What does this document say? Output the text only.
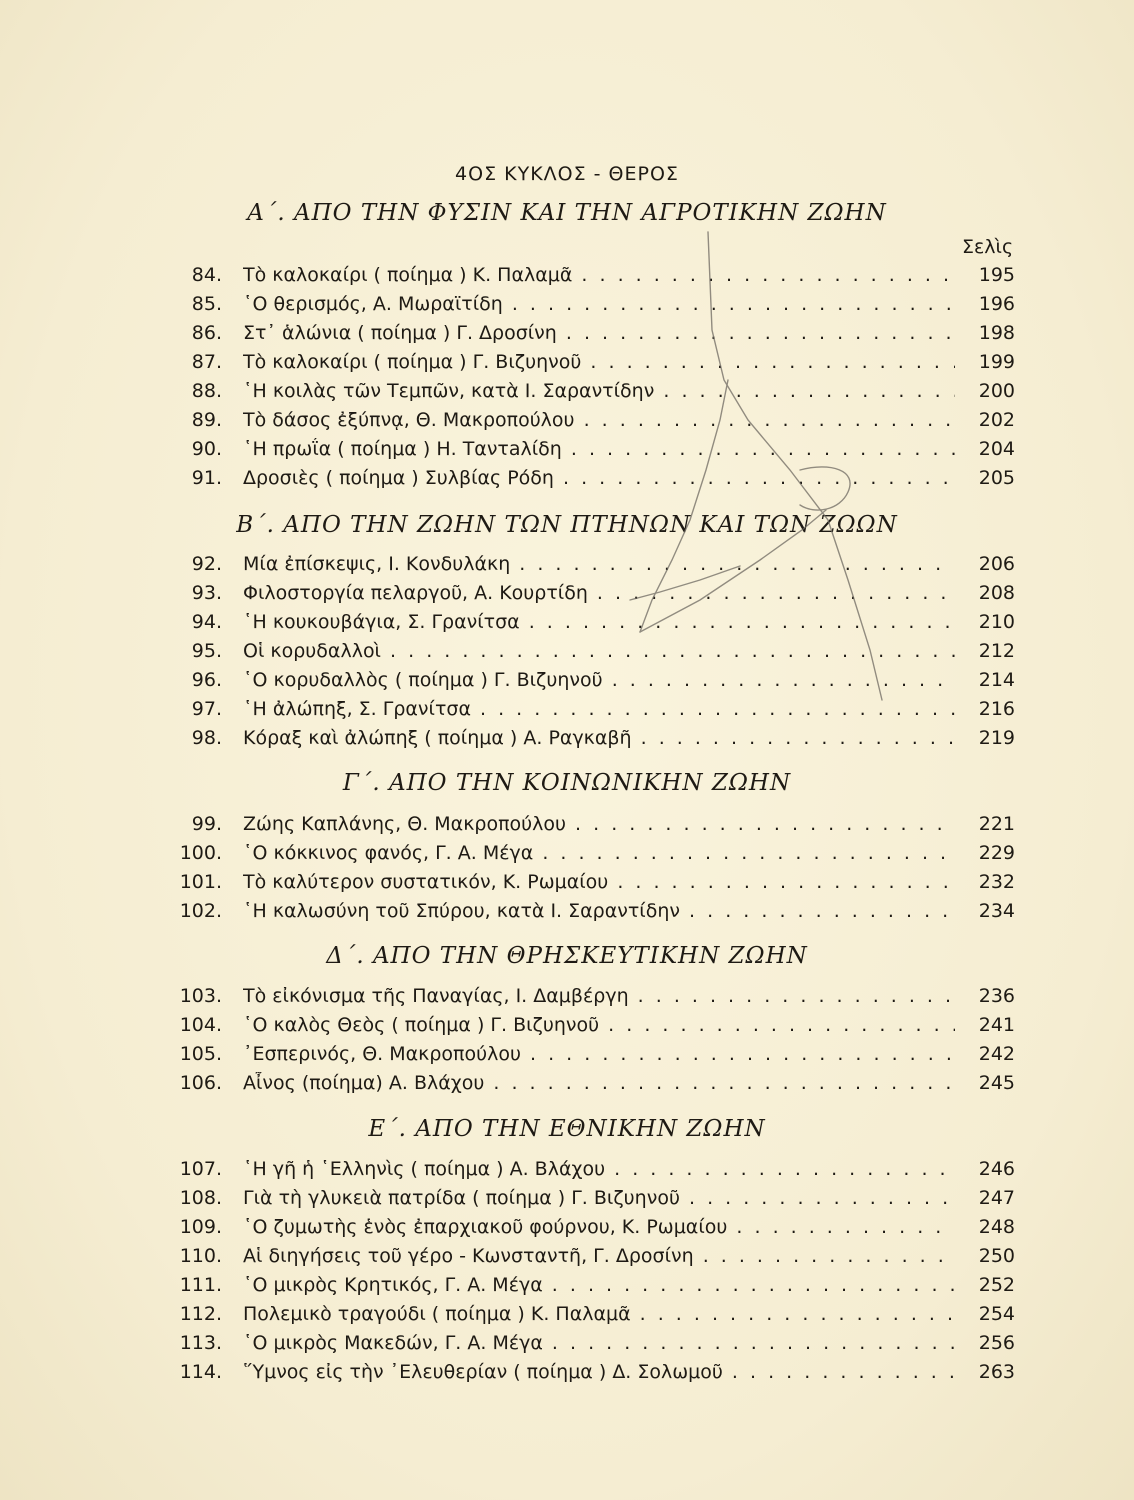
4ΟΣ ΚΥΚΛΟΣ - ΘΕΡΟΣ
Σελὶς
Α΄. ΑΠΟ ΤΗΝ ΦΥΣΙΝ ΚΑΙ ΤΗΝ ΑΓΡΟΤΙΚΗΝ ΖΩΗΝ
84. Τὸ καλοκαίρι ( ποίημα ) Κ. Παλαμᾶ . . .	195
85. ῾Ο θερισμός, Α. Μωραϊτίδη . . .	196
86. Στ᾿ ἁλώνια ( ποίημα ) Γ. Δροσίνη . . .	198
87. Τὸ καλοκαίρι ( ποίημα ) Γ. Βιζυηνοῦ . . .	199
88. ῾Η κοιλὰς τῶν Τεμπῶν, κατὰ Ι. Σαραντίδην . . .	200
89. Τὸ δάσος ἐξύπνᾳ, Θ. Μακροπούλου . . .	202
90. ῾Η πρωΐα ( ποίημα ) Η. Ταντaλίδη . . .	204
91. Δροσιὲς ( ποίημα ) Συλβίας Ρόδη . . .	205
Β΄. ΑΠΟ ΤΗΝ ΖΩΗΝ ΤΩΝ ΠΤΗΝΩΝ ΚΑΙ ΤΩΝ ΖΩΩΝ
92. Μία ἐπίσκεψις, Ι. Κονδυλάκη . . .	206
93. Φιλοστοργία πελαργοῦ, Α. Κουρτίδη . . .	208
94. ῾Η κουκουβάγια, Σ. Γρανίτσα . . .	210
95. Οἱ κορυδαλλοὶ . . .	212
96. ῾Ο κορυδαλλὸς ( ποίημα ) Γ. Βιζυηνοῦ . . .	214
97. ῾Η ἀλώπηξ, Σ. Γρανίτσα . . .	216
98. Κόραξ καὶ ἀλώπηξ ( ποίημα ) Α. Ραγκαβῆ . . .	219
Γ΄. ΑΠΟ ΤΗΝ ΚΟΙΝΩΝΙΚΗΝ ΖΩΗΝ
99. Ζώης Καπλάνης, Θ. Μακροπούλου . . .	221
100. ῾Ο κόκκινος φανός, Γ. Α. Μέγα . . .	229
101. Τὸ καλύτερον συστατικόν, Κ. Ρωμαίου . . .	232
102. ῾Η καλωσύνη τοῦ Σπύρου, κατὰ Ι. Σαραντίδην . . .	234
Δ΄. ΑΠΟ ΤΗΝ ΘΡΗΣΚΕΥΤΙΚΗΝ ΖΩΗΝ
103. Τὸ εἰκόνισμα τῆς Παναγίας, Ι. Δαμβέργη . . .	236
104. ῾Ο καλὸς Θεὸς ( ποίημα ) Γ. Βιζυηνοῦ . . .	241
105. ᾿Εσπερινός, Θ. Μακροπούλου . . .	242
106. Αἶνος (ποίημα) Α. Βλάχου . . .	245
Ε΄. ΑΠΟ ΤΗΝ ΕΘΝΙΚΗΝ ΖΩΗΝ
107. ῾Η γῆ ἡ ῾Ελληνὶς ( ποίημα ) Α. Βλάχου . . .	246
108. Γιὰ τὴ γλυκειὰ πατρίδα ( ποίημα ) Γ. Βιζυηνοῦ . . .	247
109. ῾Ο ζυμωτὴς ἑνὸς ἐπαρχιακοῦ φούρνου, Κ. Ρωμαίου . . .	248
110. Αἱ διηγήσεις τοῦ γέρο - Κωνσταντῆ, Γ. Δροσίνη . . .	250
111. ῾Ο μικρὸς Κρητικός, Γ. Α. Μέγα . . .	252
112. Πολεμικὸ τραγούδι ( ποίημα ) Κ. Παλαμᾶ . . .	254
113. ῾Ο μικρὸς Μακεδών, Γ. Α. Μέγα . . .	256
114. ῞Υμνος εἰς τὴν ᾿Ελευθερίαν ( ποίημα ) Δ. Σολωμοῦ . . .	263
